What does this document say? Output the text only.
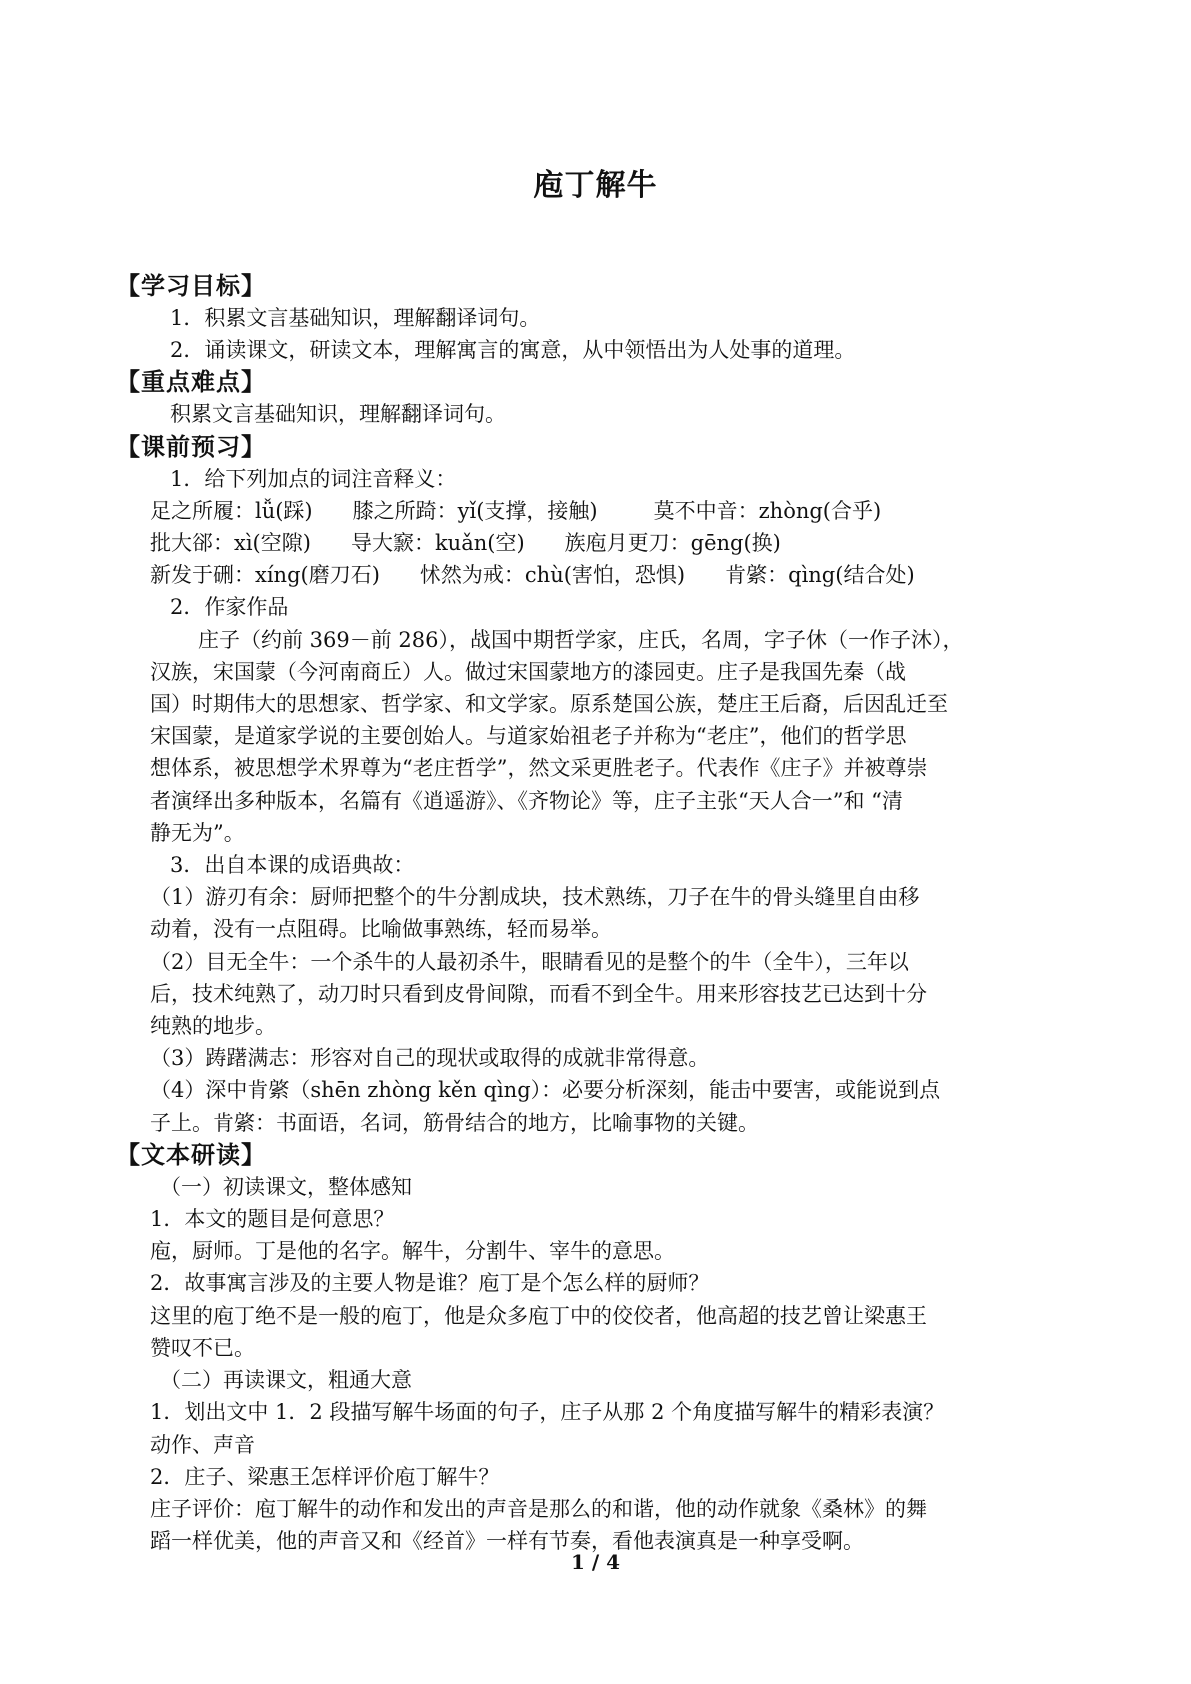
庖丁解牛
【学习目标】
1．积累文言基础知识，理解翻译词句。
2．诵读课文，研读文本，理解寓言的寓意，从中领悟出为人处事的道理。
【重点难点】
积累文言基础知识，理解翻译词句。
【课前预习】
1．给下列加点的词注音释义：
足之所履：lǚ(踩) 膝之所踦：yǐ(支撑，接触)	莫不中音：zhòng(合乎)
批大郤：xì(空隙) 导大窾：kuǎn(空) 族庖月更刀：gēng(换)
新发于硎：xíng(磨刀石) 怵然为戒：chù(害怕，恐惧) 肯綮：qìng(结合处)
2．作家作品
庄子（约前 369－前 286），战国中期哲学家，庄氏，名周，字子休（一作子沐），
汉族，宋国蒙（今河南商丘）人。做过宋国蒙地方的漆园吏。庄子是我国先秦（战
国）时期伟大的思想家、哲学家、和文学家。原系楚国公族，楚庄王后裔，后因乱迁至
宋国蒙，是道家学说的主要创始人。与道家始祖老子并称为“老庄”，他们的哲学思
想体系，被思想学术界尊为“老庄哲学”，然文采更胜老子。代表作《庄子》并被尊崇
者演绎出多种版本，名篇有《逍遥游》、《齐物论》等，庄子主张“天人合一”和 “清
静无为”。
3．出自本课的成语典故：
（1）游刃有余：厨师把整个的牛分割成块，技术熟练，刀子在牛的骨头缝里自由移
动着，没有一点阻碍。比喻做事熟练，轻而易举。
（2）目无全牛：一个杀牛的人最初杀牛，眼睛看见的是整个的牛（全牛），三年以
后，技术纯熟了，动刀时只看到皮骨间隙，而看不到全牛。用来形容技艺已达到十分
纯熟的地步。
（3）踌躇满志：形容对自己的现状或取得的成就非常得意。
（4）深中肯綮（shēn zhòng kěn qìng）：必要分析深刻，能击中要害，或能说到点
子上。肯綮：书面语，名词，筋骨结合的地方，比喻事物的关键。
【文本研读】
（一）初读课文，整体感知
1．本文的题目是何意思？
庖，厨师。丁是他的名字。解牛，分割牛、宰牛的意思。
2．故事寓言涉及的主要人物是谁？庖丁是个怎么样的厨师？
这里的庖丁绝不是一般的庖丁，他是众多庖丁中的佼佼者，他高超的技艺曾让梁惠王
赞叹不已。
（二）再读课文，粗通大意
1．划出文中 1．2 段描写解牛场面的句子，庄子从那 2 个角度描写解牛的精彩表演？
动作、声音
2．庄子、梁惠王怎样评价庖丁解牛？
庄子评价：庖丁解牛的动作和发出的声音是那么的和谐，他的动作就象《桑林》的舞
蹈一样优美，他的声音又和《经首》一样有节奏，看他表演真是一种享受啊。
1 / 4
